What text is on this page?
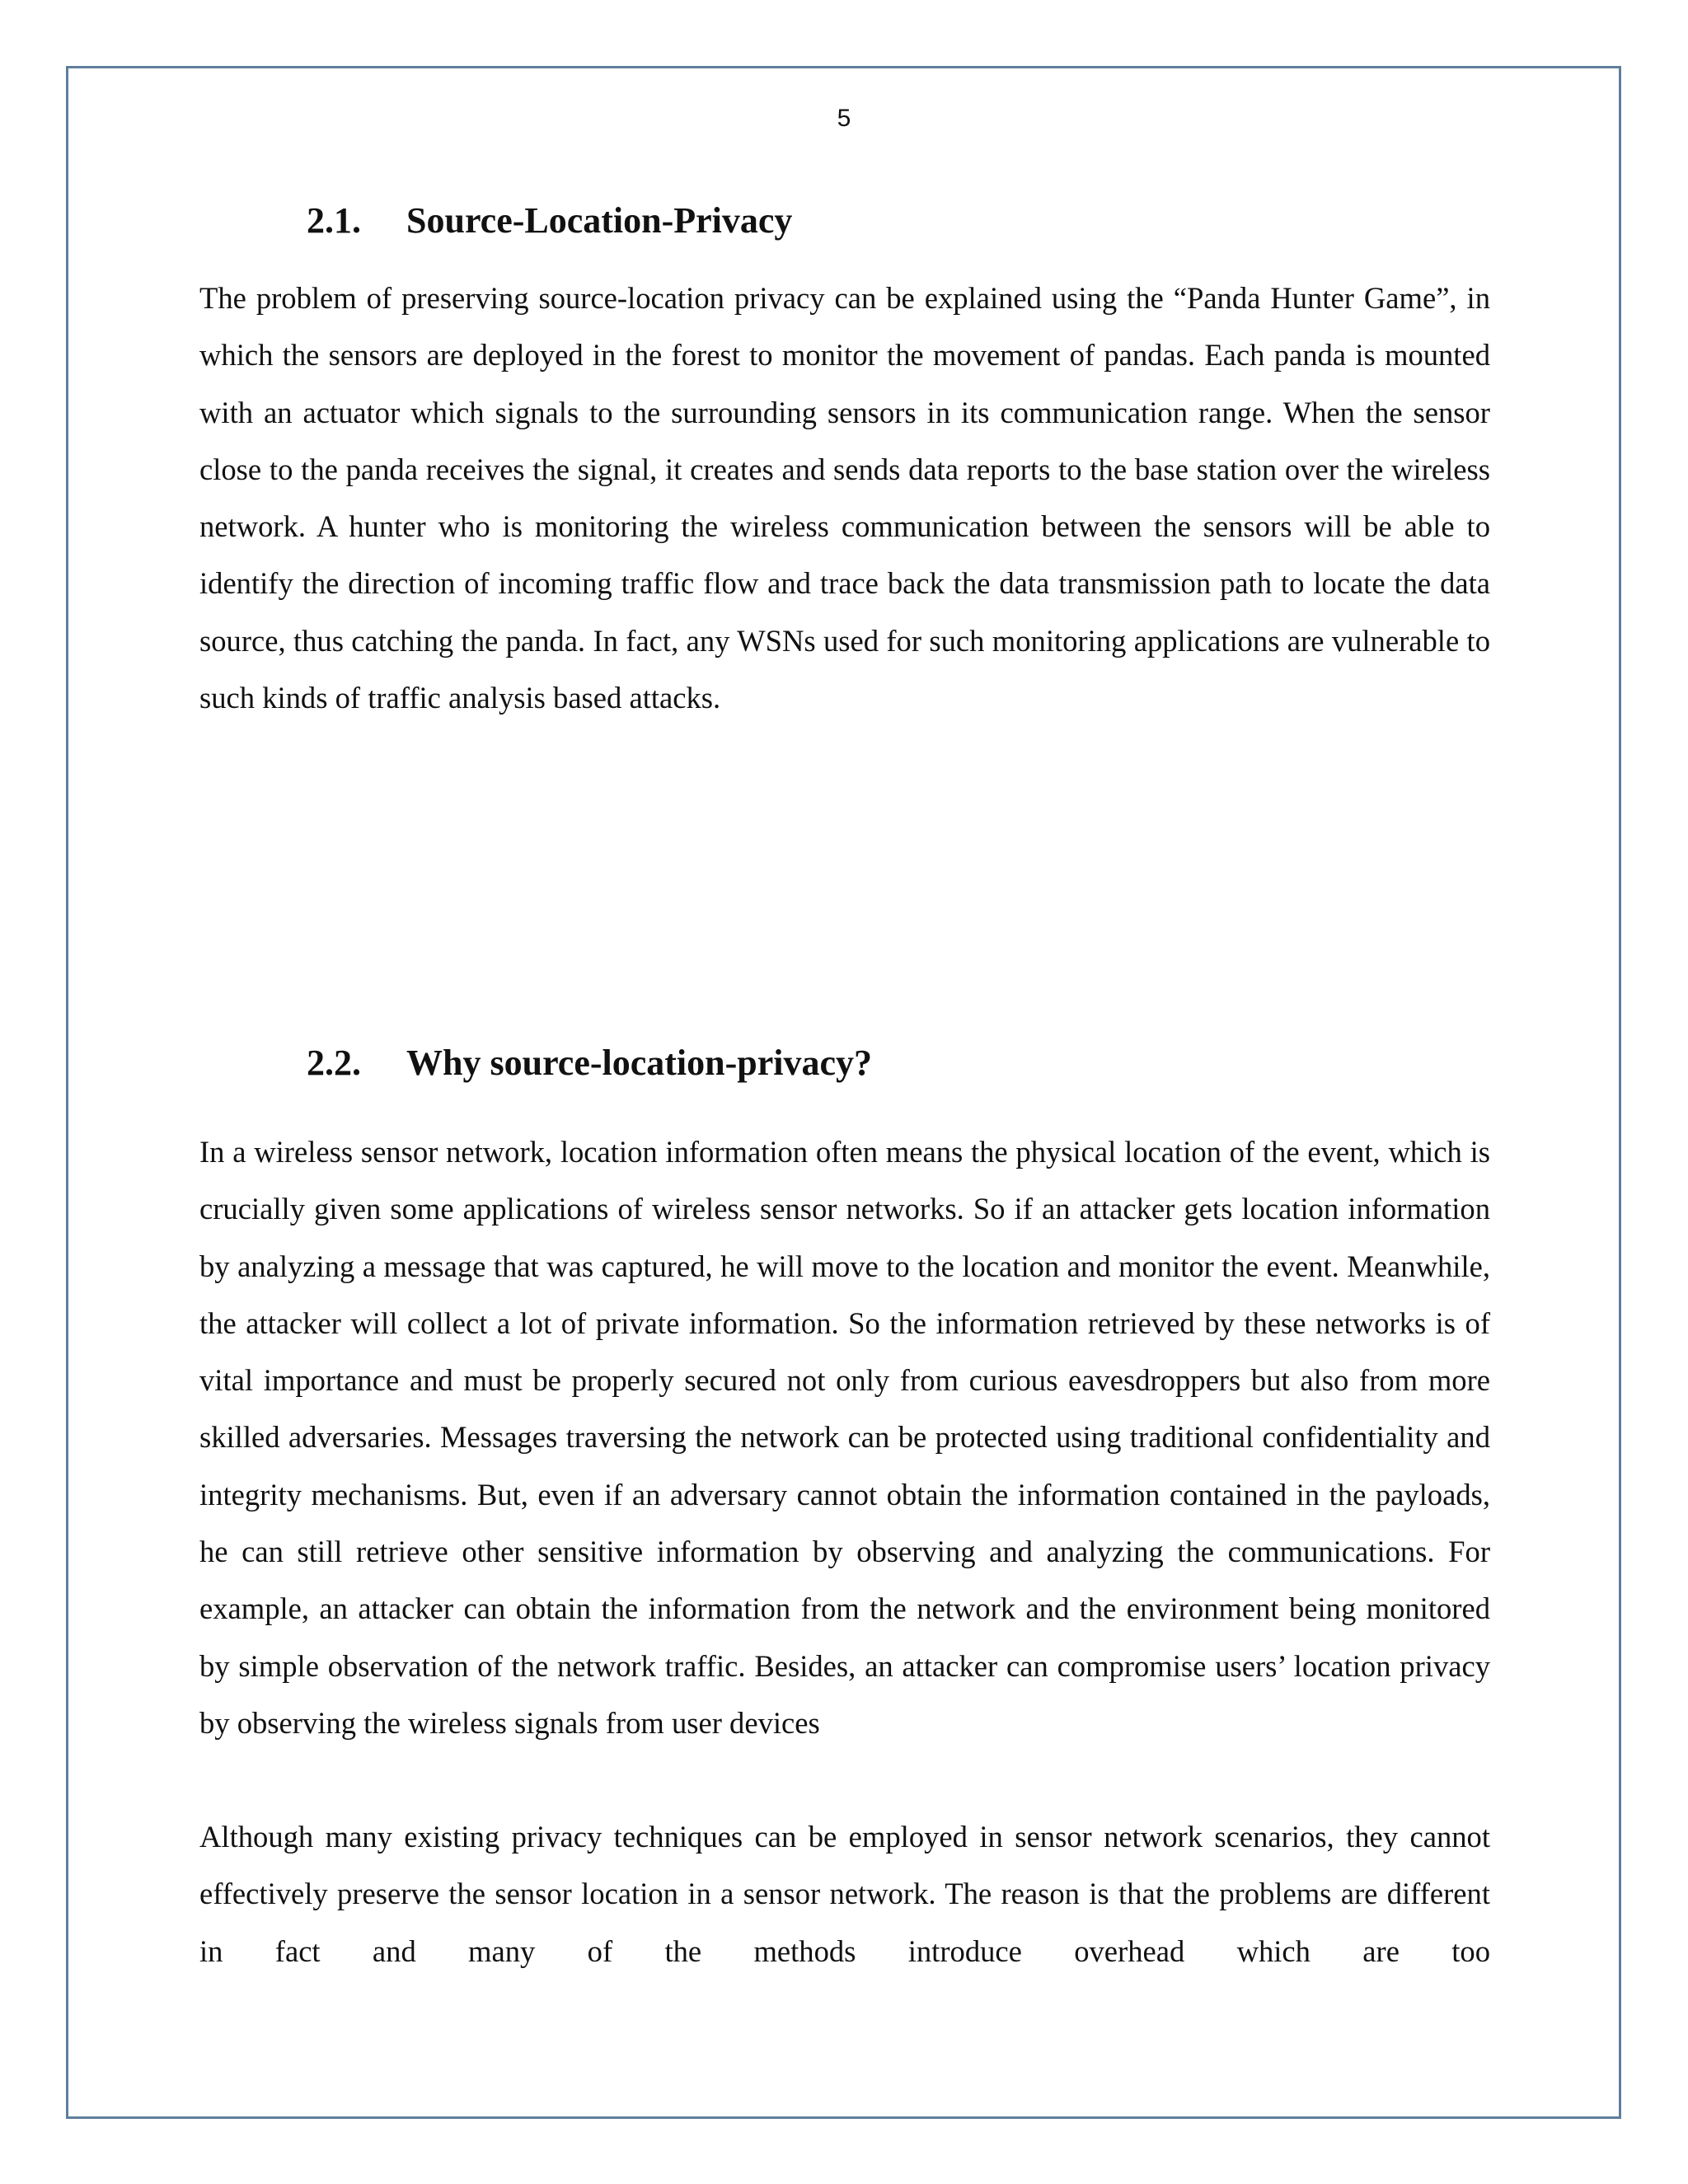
5
2.1. Source-Location-Privacy

The problem of preserving source-location privacy can be explained using the “Panda Hunter Game”, in which the sensors are deployed in the forest to monitor the movement of pandas. Each panda is mounted with an actuator which signals to the surrounding sensors in its communication range. When the sensor close to the panda receives the signal, it creates and sends data reports to the base station over the wireless network. A hunter who is monitoring the wireless communication between the sensors will be able to identify the direction of incoming traffic flow and trace back the data transmission path to locate the data source, thus catching the panda. In fact, any WSNs used for such monitoring applications are vulnerable to such kinds of traffic analysis based attacks.

2.2. Why source-location-privacy?

In a wireless sensor network, location information often means the physical location of the event, which is crucially given some applications of wireless sensor networks. So if an attacker gets location information by analyzing a message that was captured, he will move to the location and monitor the event. Meanwhile, the attacker will collect a lot of private information. So the information retrieved by these networks is of vital importance and must be properly secured not only from curious eavesdroppers but also from more skilled adversaries. Messages traversing the network can be protected using traditional confidentiality and integrity mechanisms. But, even if an adversary cannot obtain the information contained in the payloads, he can still retrieve other sensitive information by observing and analyzing the communications. For example, an attacker can obtain the information from the network and the environment being monitored by simple observation of the network traffic. Besides, an attacker can compromise users’ location privacy by observing the wireless signals from user devices

Although many existing privacy techniques can be employed in sensor network scenarios, they cannot effectively preserve the sensor location in a sensor network. The reason is that the problems are different in fact and many of the methods introduce overhead which are too
